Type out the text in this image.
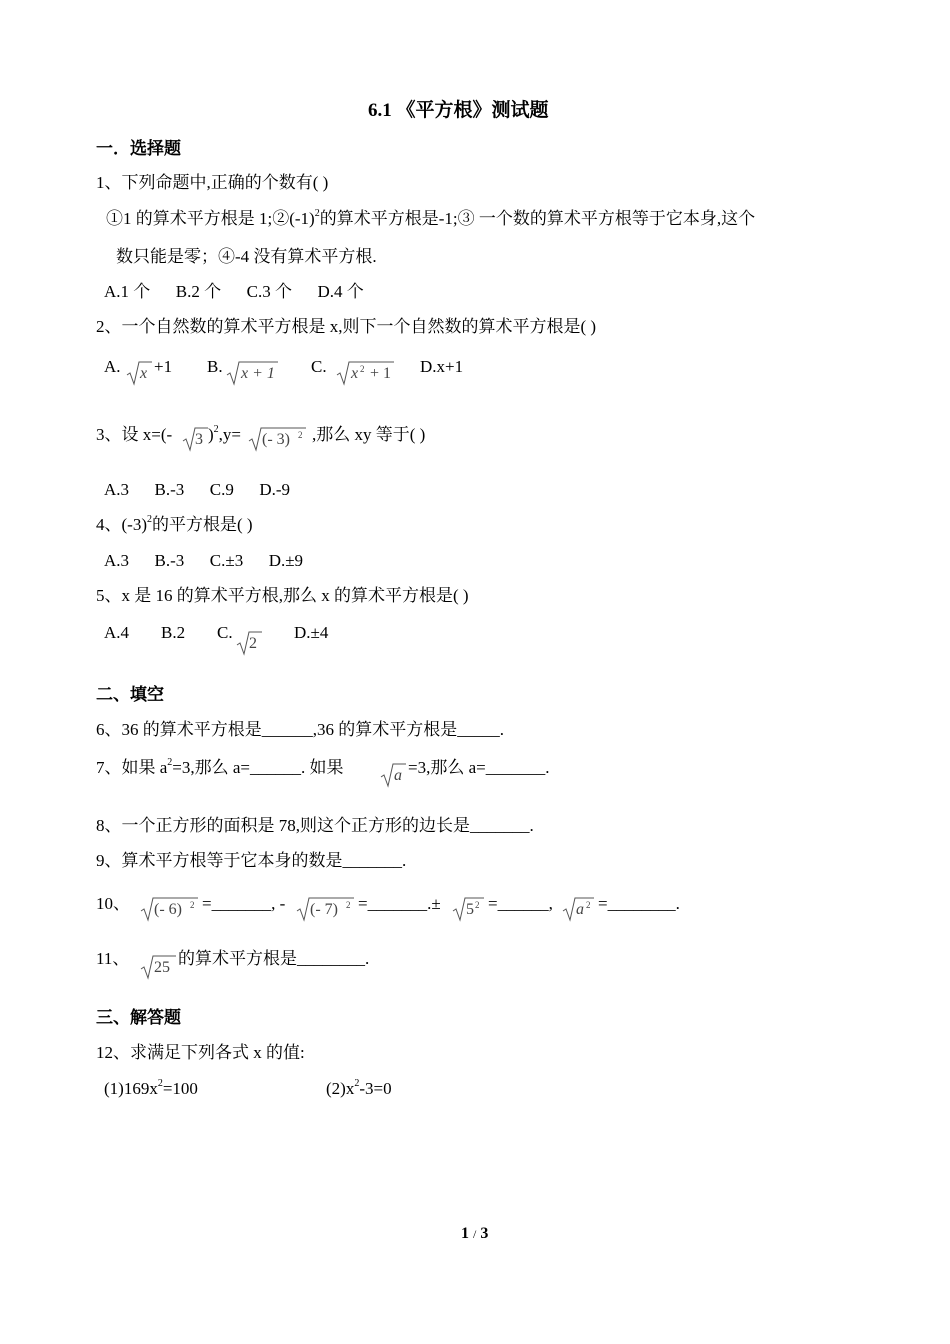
6.1 《平方根》测试题
一．选择题
1、下列命题中,正确的个数有( )
①1 的算术平方根是 $1;②(-1)^2$的算术平方根是-1;③ 一个数的算术平方根等于它本身,这个
数只能是零；④-4 没有算术平方根.
A.1 个      B.2 个      C.3 个      D.4 个
2、一个自然数的算术平方根是 x,则下一个自然数的算术平方根是( )
A. x +1 B. x + 1 C. x 2 + 1 D.x+1
3、设 x=(- 3 )$^2$,y= (- 3) 2 ,那么 xy 等于( )
A.3      B.-3      C.9      D.-9
4、$(-3)^2$的平方根是( )
A.3      B.-3      C.±3      D.±9
5、x 是 16 的算术平方根,那么 x 的算术平方根是( )
A.4 B.2 C.
2
D.±4
二、填空
6、36 的算术平方根是______,36 的算术平方根是_____.
7、如果 $a^2=3$,那么 a=______. 如果	a =3,那么 a=_______.
8、一个正方形的面积是 78,则这个正方形的边长是_______.
9、算术平方根等于它本身的数是_______.
10、 (- 6) 2 =_______, - (- 7) 2 =_______.± 5 2 =______, a 2 =________.
11、 25 的算术平方根是________.
三、解答题
12、求满足下列各式 x 的值:
$(1)169x^2=100$	$(2)x^2-3=0$
1 / 3
